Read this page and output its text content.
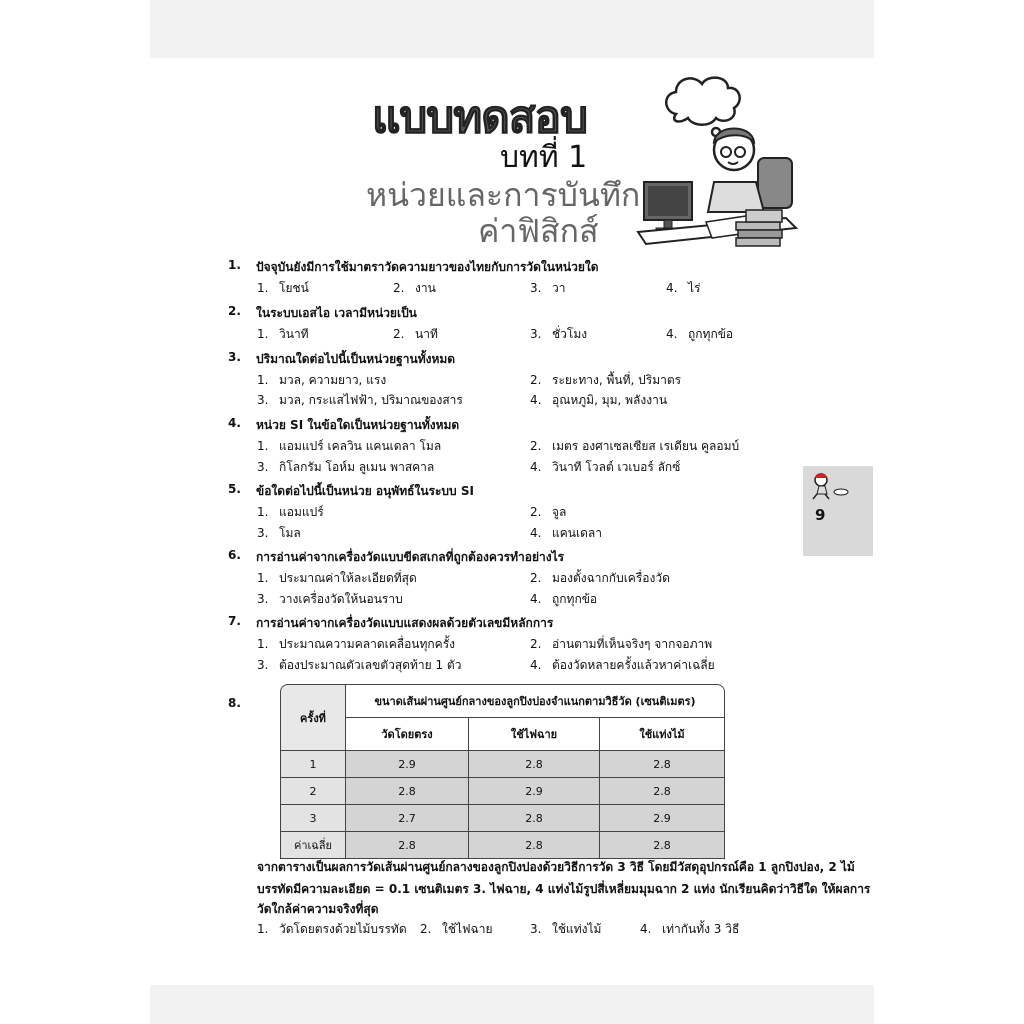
แบบทดสอบ
บทที่ 1
หน่วยและการบันทึก
ค่าฟิสิกส์
1.	ปัจจุบันยังมีการใช้มาตราวัดความยาวของไทยกับการวัดในหน่วยใด
1. โยชน์	2. งาน	3. วา	4. ไร่
2.	ในระบบเอสไอ เวลามีหน่วยเป็น
1. วินาที	2. นาที	3. ชั่วโมง	4. ถูกทุกข้อ
3.	ปริมาณใดต่อไปนี้เป็นหน่วยฐานทั้งหมด
1. มวล, ความยาว, แรง	2. ระยะทาง, พื้นที่, ปริมาตร
3. มวล, กระแสไฟฟ้า, ปริมาณของสาร	4. อุณหภูมิ, มุม, พลังงาน
4.	หน่วย SI ในข้อใดเป็นหน่วยฐานทั้งหมด
1. แอมแปร์ เคลวิน แคนเดลา โมล	2. เมตร องศาเซลเซียส เรเดียน คูลอมบ์
3. กิโลกรัม โอห์ม ลูเมน พาสคาล	4. วินาที โวลต์ เวเบอร์ ลักซ์
5.	ข้อใดต่อไปนี้เป็นหน่วย อนุพัทธ์ในระบบ SI
1. แอมแปร์	2. จูล
3. โมล	4. แคนเดลา
6.	การอ่านค่าจากเครื่องวัดแบบขีดสเกลที่ถูกต้องควรทำอย่างไร
1. ประมาณค่าให้ละเอียดที่สุด	2. มองตั้งฉากกับเครื่องวัด
3. วางเครื่องวัดให้นอนราบ	4. ถูกทุกข้อ
7.	การอ่านค่าจากเครื่องวัดแบบแสดงผลด้วยตัวเลขมีหลักการ
1. ประมาณความคลาดเคลื่อนทุกครั้ง	2. อ่านตามที่เห็นจริงๆ จากจอภาพ
3. ต้องประมาณตัวเลขตัวสุดท้าย 1 ตัว	4. ต้องวัดหลายครั้งแล้วหาค่าเฉลี่ย
9
8.
ครั้งที่	ขนาดเส้นผ่านศูนย์กลางของลูกปิงปองจำแนกตามวิธีวัด (เซนติเมตร)		
	วัดโดยตรง	ใช้ไฟฉาย	ใช้แท่งไม้
1	2.9	2.8	2.8
2	2.8	2.9	2.8
3	2.7	2.8	2.9
ค่าเฉลี่ย	2.8	2.8	2.8
จากตารางเป็นผลการวัดเส้นผ่านศูนย์กลางของลูกปิงปองด้วยวิธีการวัด 3 วิธี โดยมีวัสดุอุปกรณ์คือ 1 ลูกปิงปอง, 2 ไม้
บรรทัดมีความละเอียด = 0.1 เซนติเมตร 3. ไฟฉาย, 4 แท่งไม้รูปสี่เหลี่ยมมุมฉาก 2 แท่ง นักเรียนคิดว่าวิธีใด ให้ผลการ
วัดใกล้ค่าความจริงที่สุด
1. วัดโดยตรงด้วยไม้บรรทัด 2. ใช้ไฟฉาย	3. ใช้แท่งไม้	4. เท่ากันทั้ง 3 วิธี
